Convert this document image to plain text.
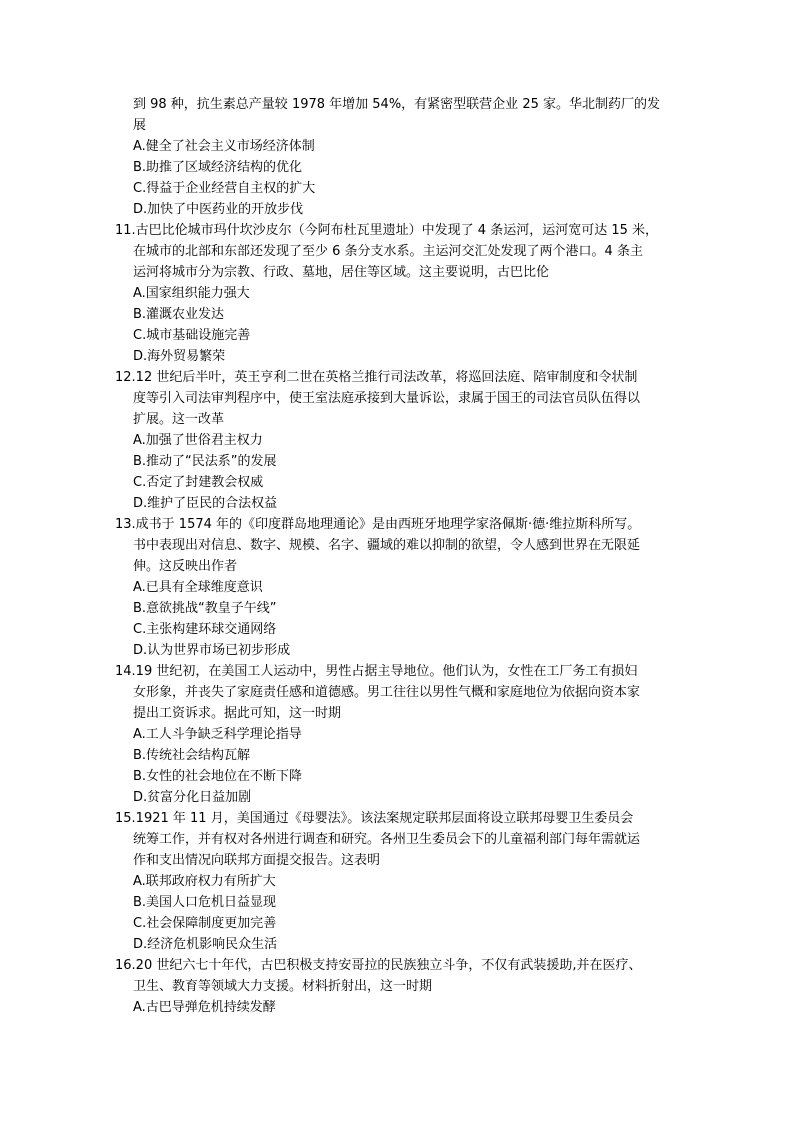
到 98 种，抗生素总产量较 1978 年增加 54%，有紧密型联营企业 25 家。华北制药厂的发
展
A.健全了社会主义市场经济体制
B.助推了区域经济结构的优化
C.得益于企业经营自主权的扩大
D.加快了中医药业的开放步伐
11.古巴比伦城市玛什坎沙皮尔（今阿布杜瓦里遗址）中发现了 4 条运河，运河宽可达 15 米，
在城市的北部和东部还发现了至少 6 条分支水系。主运河交汇处发现了两个港口。4 条主
运河将城市分为宗教、行政、墓地，居住等区域。这主要说明，古巴比伦
A.国家组织能力强大
B.灌溉农业发达
C.城市基础设施完善
D.海外贸易繁荣
12.12 世纪后半叶，英王亨利二世在英格兰推行司法改革，将巡回法庭、陪审制度和令状制
度等引入司法审判程序中，使王室法庭承接到大量诉讼，隶属于国王的司法官员队伍得以
扩展。这一改革
A.加强了世俗君主权力
B.推动了“民法系”的发展
C.否定了封建教会权威
D.维护了臣民的合法权益
13.成书于 1574 年的《印度群岛地理通论》是由西班牙地理学家洛佩斯·德·维拉斯科所写。
书中表现出对信息、数字、规模、名字、疆域的难以抑制的欲望，令人感到世界在无限延
伸。这反映出作者
A.已具有全球维度意识
B.意欲挑战“教皇子午线”
C.主张构建环球交通网络
D.认为世界市场已初步形成
14.19 世纪初，在美国工人运动中，男性占据主导地位。他们认为，女性在工厂务工有损妇
女形象，并丧失了家庭责任感和道德感。男工往往以男性气概和家庭地位为依据向资本家
提出工资诉求。据此可知，这一时期
A.工人斗争缺乏科学理论指导
B.传统社会结构瓦解
B.女性的社会地位在不断下降
D.贫富分化日益加剧
15.1921 年 11 月，美国通过《母婴法》。该法案规定联邦层面将设立联邦母婴卫生委员会
统筹工作，并有权对各州进行调查和研究。各州卫生委员会下的儿童福利部门每年需就运
作和支出情况向联邦方面提交报告。这表明
A.联邦政府权力有所扩大
B.美国人口危机日益显现
C.社会保障制度更加完善
D.经济危机影响民众生活
16.20 世纪六七十年代，古巴积极支持安哥拉的民族独立斗争，不仅有武装援助,并在医疗、
卫生、教育等领域大力支援。材料折射出，这一时期
A.古巴导弹危机持续发酵
